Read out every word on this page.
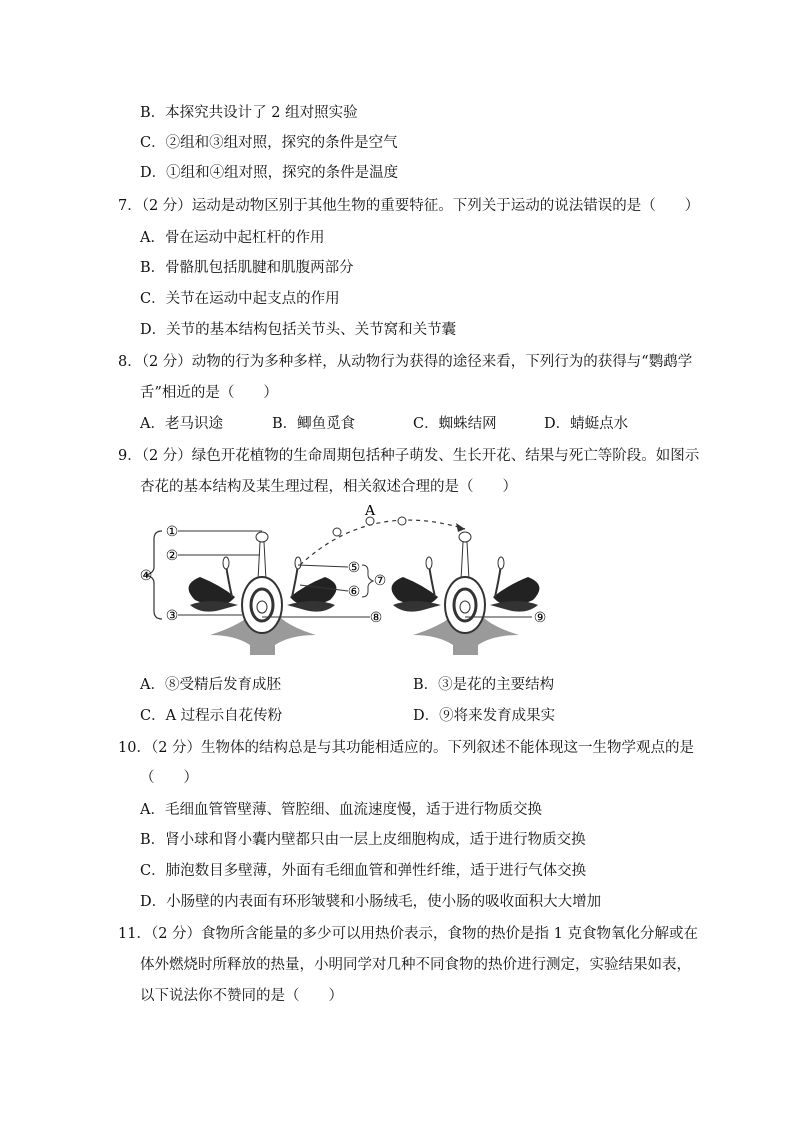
B．本探究共设计了 2 组对照实验
C．②组和③组对照，探究的条件是空气
D．①组和④组对照，探究的条件是温度
7．（2 分）运动是动物区别于其他生物的重要特征。下列关于运动的说法错误的是（　　）
A．骨在运动中起杠杆的作用
B．骨骼肌包括肌腱和肌腹两部分
C．关节在运动中起支点的作用
D．关节的基本结构包括关节头、关节窝和关节囊
8．（2 分）动物的行为多种多样，从动物行为获得的途径来看，下列行为的获得与“鹦鹉学
舌”相近的是（　　）
A．老马识途	B．鲫鱼觅食	C．蜘蛛结网	D．蜻蜓点水
9．（2 分）绿色开花植物的生命周期包括种子萌发、生长开花、结果与死亡等阶段。如图示
杏花的基本结构及某生理过程，相关叙述合理的是（　　）
①
②
④
③
⑤
⑥
⑦
⑧	⑨
A
A．⑧受精后发育成胚	B．③是花的主要结构
C．A 过程示自花传粉	D．⑨将来发育成果实
10．（2 分）生物体的结构总是与其功能相适应的。下列叙述不能体现这一生物学观点的是
（　　）
A．毛细血管管壁薄、管腔细、血流速度慢，适于进行物质交换
B．肾小球和肾小囊内壁都只由一层上皮细胞构成，适于进行物质交换
C．肺泡数目多壁薄，外面有毛细血管和弹性纤维，适于进行气体交换
D．小肠壁的内表面有环形皱襞和小肠绒毛，使小肠的吸收面积大大增加
11．（2 分）食物所含能量的多少可以用热价表示，食物的热价是指 1 克食物氧化分解或在
体外燃烧时所释放的热量，小明同学对几种不同食物的热价进行测定，实验结果如表，
以下说法你不赞同的是（　　）
